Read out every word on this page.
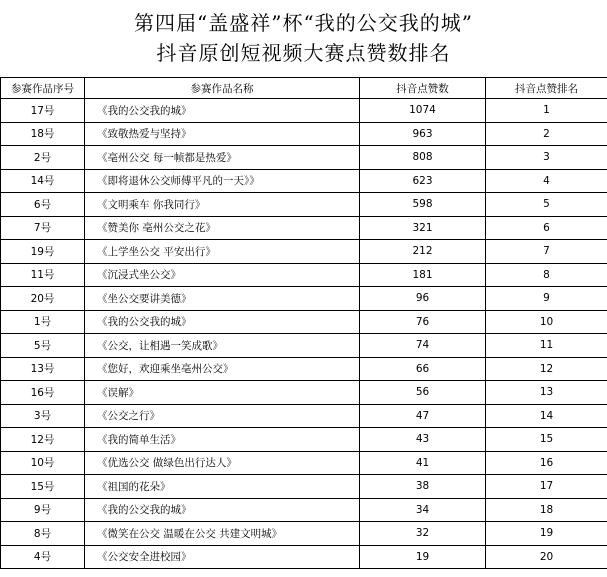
第四届“盖盛祥”杯“我的公交我的城”
抖音原创短视频大赛点赞数排名
参赛作品序号	参赛作品名称	抖音点赞数	抖音点赞排名
17号	《我的公交我的城》	1074	1
18号	《致敬热爱与坚持》	963	2
2号	《亳州公交 每一帧都是热爱》	808	3
14号	《即将退休公交师傅平凡的一天》》	623	4
6号	《文明乘车 你我同行》	598	5
7号	《赞美你 亳州公交之花》	321	6
19号	《上学坐公交 平安出行》	212	7
11号	《沉浸式坐公交》	181	8
20号	《坐公交要讲美德》	96	9
1号	《我的公交我的城》	76	10
5号	《公交，让相遇一笑成歌》	74	11
13号	《您好，欢迎乘坐亳州公交》	66	12
16号	《误解》	56	13
3号	《公交之行》	47	14
12号	《我的简单生活》	43	15
10号	《优选公交 做绿色出行达人》	41	16
15号	《祖国的花朵》	38	17
9号	《我的公交我的城》	34	18
8号	《微笑在公交 温暖在公交 共建文明城》	32	19
4号	《公交安全进校园》	19	20
